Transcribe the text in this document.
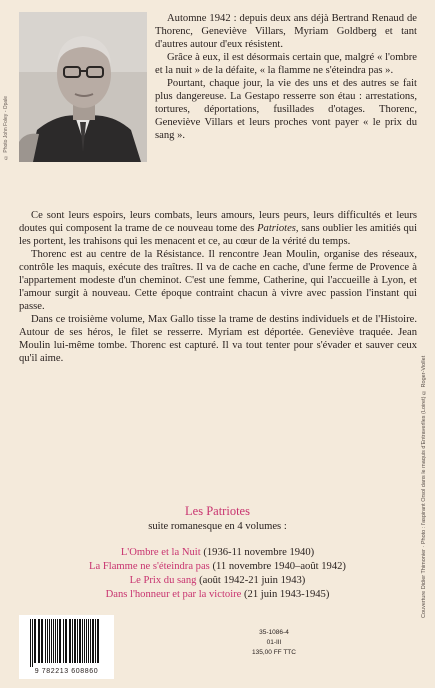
© Photo John Foley - Opale

Automne 1942 : depuis deux ans déjà Bertrand Renaud de Thorenc, Geneviève Villars, Myriam Goldberg et tant d'autres autour d'eux résistent.

Grâce à eux, il est désormais certain que, malgré « l'ombre et la nuit » de la défaite, « la flamme ne s'éteindra pas ».

Pourtant, chaque jour, la vie des uns et des autres se fait plus dangereuse. La Gestapo resserre son étau : arrestations, tortures, déportations, fusillades d'otages. Thorenc, Geneviève Villars et leurs proches vont payer « le prix du sang ».

Ce sont leurs espoirs, leurs combats, leurs amours, leurs peurs, leurs difficultés et leurs doutes qui composent la trame de ce nouveau tome des Patriotes, sans oublier les amitiés qui les portent, les trahisons qui les menacent et ce, au cœur de la vérité du temps.

Thorenc est au centre de la Résistance. Il rencontre Jean Moulin, organise des réseaux, contrôle les maquis, exécute des traîtres. Il va de cache en cache, d'une ferme de Provence à l'appartement modeste d'un cheminot. C'est une femme, Catherine, qui l'accueille à Lyon, et l'amour surgit à nouveau. Cette époque contraint chacun à vivre avec passion l'instant qui passe.

Dans ce troisième volume, Max Gallo tisse la trame de destins individuels et de l'Histoire. Autour de ses héros, le filet se resserre. Myriam est déportée. Geneviève traquée. Jean Moulin lui-même tombe. Thorenc est capturé. Il va tout tenter pour s'évader et sauver ceux qu'il aime.

Les Patriotes
suite romanesque en 4 volumes :
L'Ombre et la Nuit (1936-11 novembre 1940)
La Flamme ne s'éteindra pas (11 novembre 1940–août 1942)
Le Prix du sang (août 1942-21 juin 1943)
Dans l'honneur et par la victoire (21 juin 1943-1945)	Couverture Didier Thimonier · Photo : l'aspirant Orsol dans le maquis d'Entraverlles (Loiret) © Roger-Viollet
9 782213 608860
35-1086-4
01-III
135,00 FF TTC
